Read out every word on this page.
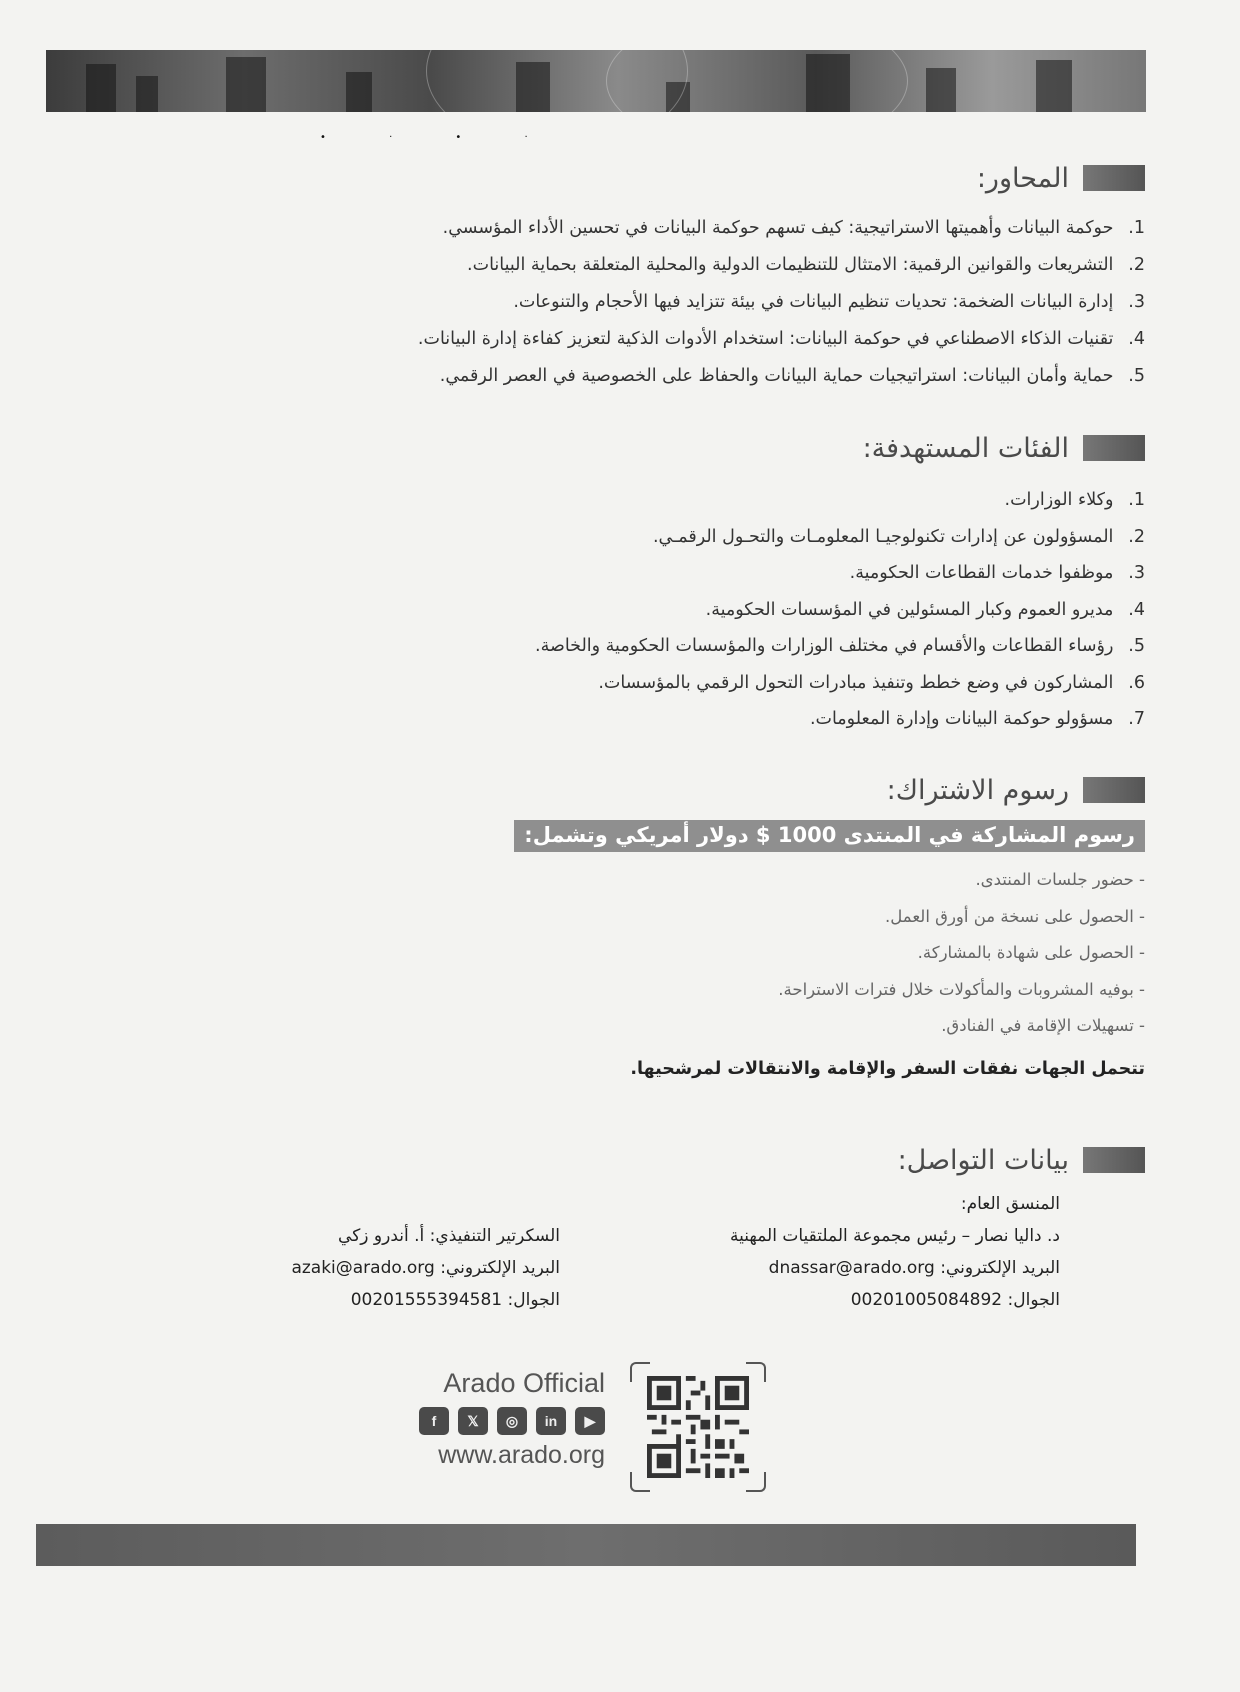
• · • ·
المحاور:
1. حوكمة البيانات وأهميتها الاستراتيجية: كيف تسهم حوكمة البيانات في تحسين الأداء المؤسسي.
2. التشريعات والقوانين الرقمية: الامتثال للتنظيمات الدولية والمحلية المتعلقة بحماية البيانات.
3. إدارة البيانات الضخمة: تحديات تنظيم البيانات في بيئة تتزايد فيها الأحجام والتنوعات.
4. تقنيات الذكاء الاصطناعي في حوكمة البيانات: استخدام الأدوات الذكية لتعزيز كفاءة إدارة البيانات.
5. حماية وأمان البيانات: استراتيجيات حماية البيانات والحفاظ على الخصوصية في العصر الرقمي.
الفئات المستهدفة:
1. وكلاء الوزارات.
2. المسؤولون عن إدارات تكنولوجيـا المعلومـات والتحـول الرقمـي.
3. موظفوا خدمات القطاعات الحكومية.
4. مديرو العموم وكبار المسئولين في المؤسسات الحكومية.
5. رؤساء القطاعات والأقسام في مختلف الوزارات والمؤسسات الحكومية والخاصة.
6. المشاركون في وضع خطط وتنفيذ مبادرات التحول الرقمي بالمؤسسات.
7. مسؤولو حوكمة البيانات وإدارة المعلومات.
رسوم الاشتراك:
رسوم المشاركة في المنتدى 1000 $ دولار أمريكي وتشمل:
- حضور جلسات المنتدى.
- الحصول على نسخة من أورق العمل.
- الحصول على شهادة بالمشاركة.
- بوفيه المشروبات والمأكولات خلال فترات الاستراحة.
- تسهيلات الإقامة في الفنادق.
تتحمل الجهات نفقات السفر والإقامة والانتقالات لمرشحيها.
بيانات التواصل:
المنسق العام:
د. داليا نصار – رئيس مجموعة الملتقيات المهنية
البريد الإلكتروني: dnassar@arado.org
الجوال: 00201005084892
السكرتير التنفيذي: أ. أندرو زكي
البريد الإلكتروني: azaki@arado.org
الجوال: 00201555394581
Arado Official
f	𝕏	◎	in	▶
www.arado.org
